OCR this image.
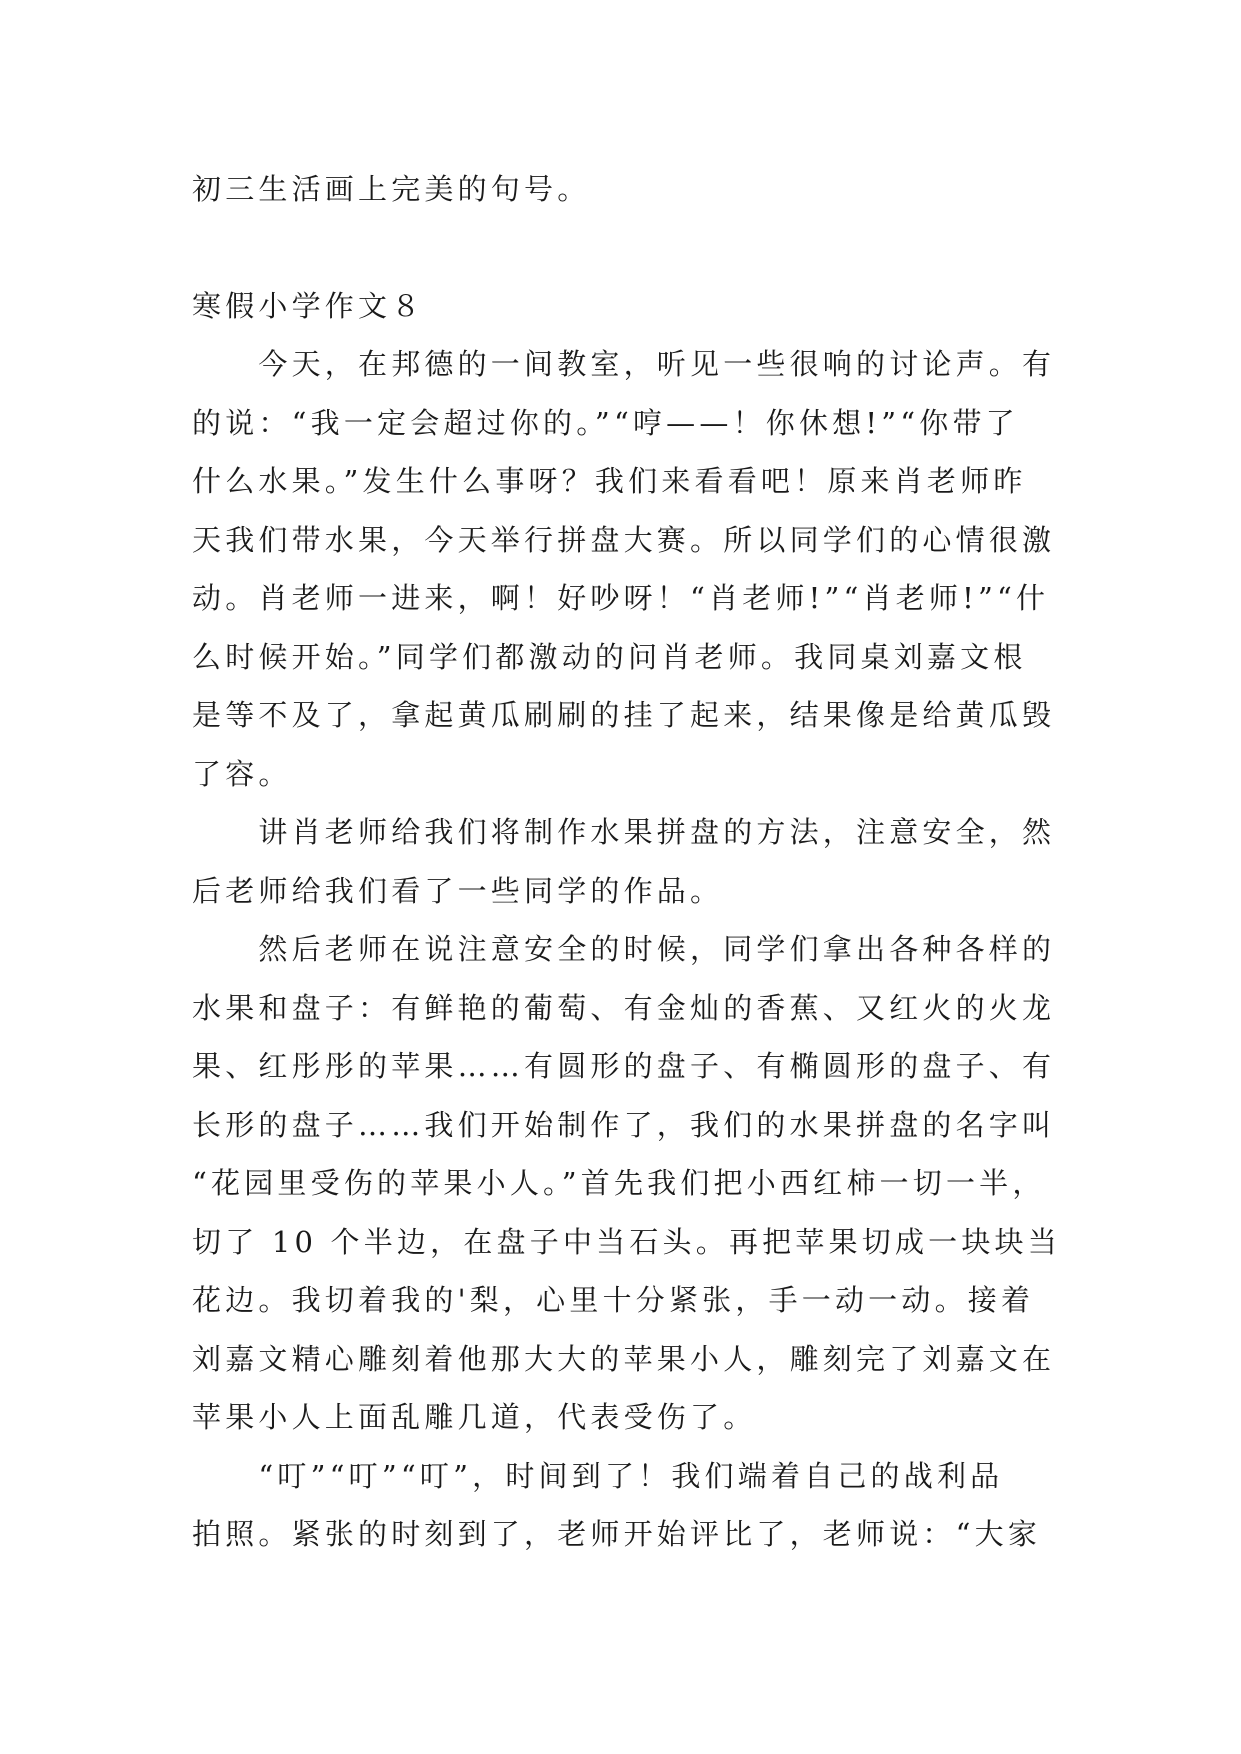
初三生活画上完美的句号。
寒假小学作文８
　　今天，在邦德的一间教室，听见一些很响的讨论声。有
的说：“我一定会超过你的。”“哼——！你休想!”“你带了
什么水果。”发生什么事呀？我们来看看吧！原来肖老师昨
天我们带水果，今天举行拼盘大赛。所以同学们的心情很激
动。肖老师一进来，啊！好吵呀！“肖老师!”“肖老师!”“什
么时候开始。”同学们都激动的问肖老师。我同桌刘嘉文根
是等不及了，拿起黄瓜刷刷的挂了起来，结果像是给黄瓜毁
了容。
　　讲肖老师给我们将制作水果拼盘的方法，注意安全，然
后老师给我们看了一些同学的作品。
　　然后老师在说注意安全的时候，同学们拿出各种各样的
水果和盘子：有鲜艳的葡萄、有金灿的香蕉、又红火的火龙
果、红彤彤的苹果……有圆形的盘子、有椭圆形的盘子、有
长形的盘子……我们开始制作了，我们的水果拼盘的名字叫
“花园里受伤的苹果小人。”首先我们把小西红柿一切一半，
切了 10 个半边，在盘子中当石头。再把苹果切成一块块当
花边。我切着我的'梨，心里十分紧张，手一动一动。接着
刘嘉文精心雕刻着他那大大的苹果小人，雕刻完了刘嘉文在
苹果小人上面乱雕几道，代表受伤了。
　　“叮”“叮”“叮”，时间到了！我们端着自己的战利品
拍照。紧张的时刻到了，老师开始评比了，老师说：“大家
